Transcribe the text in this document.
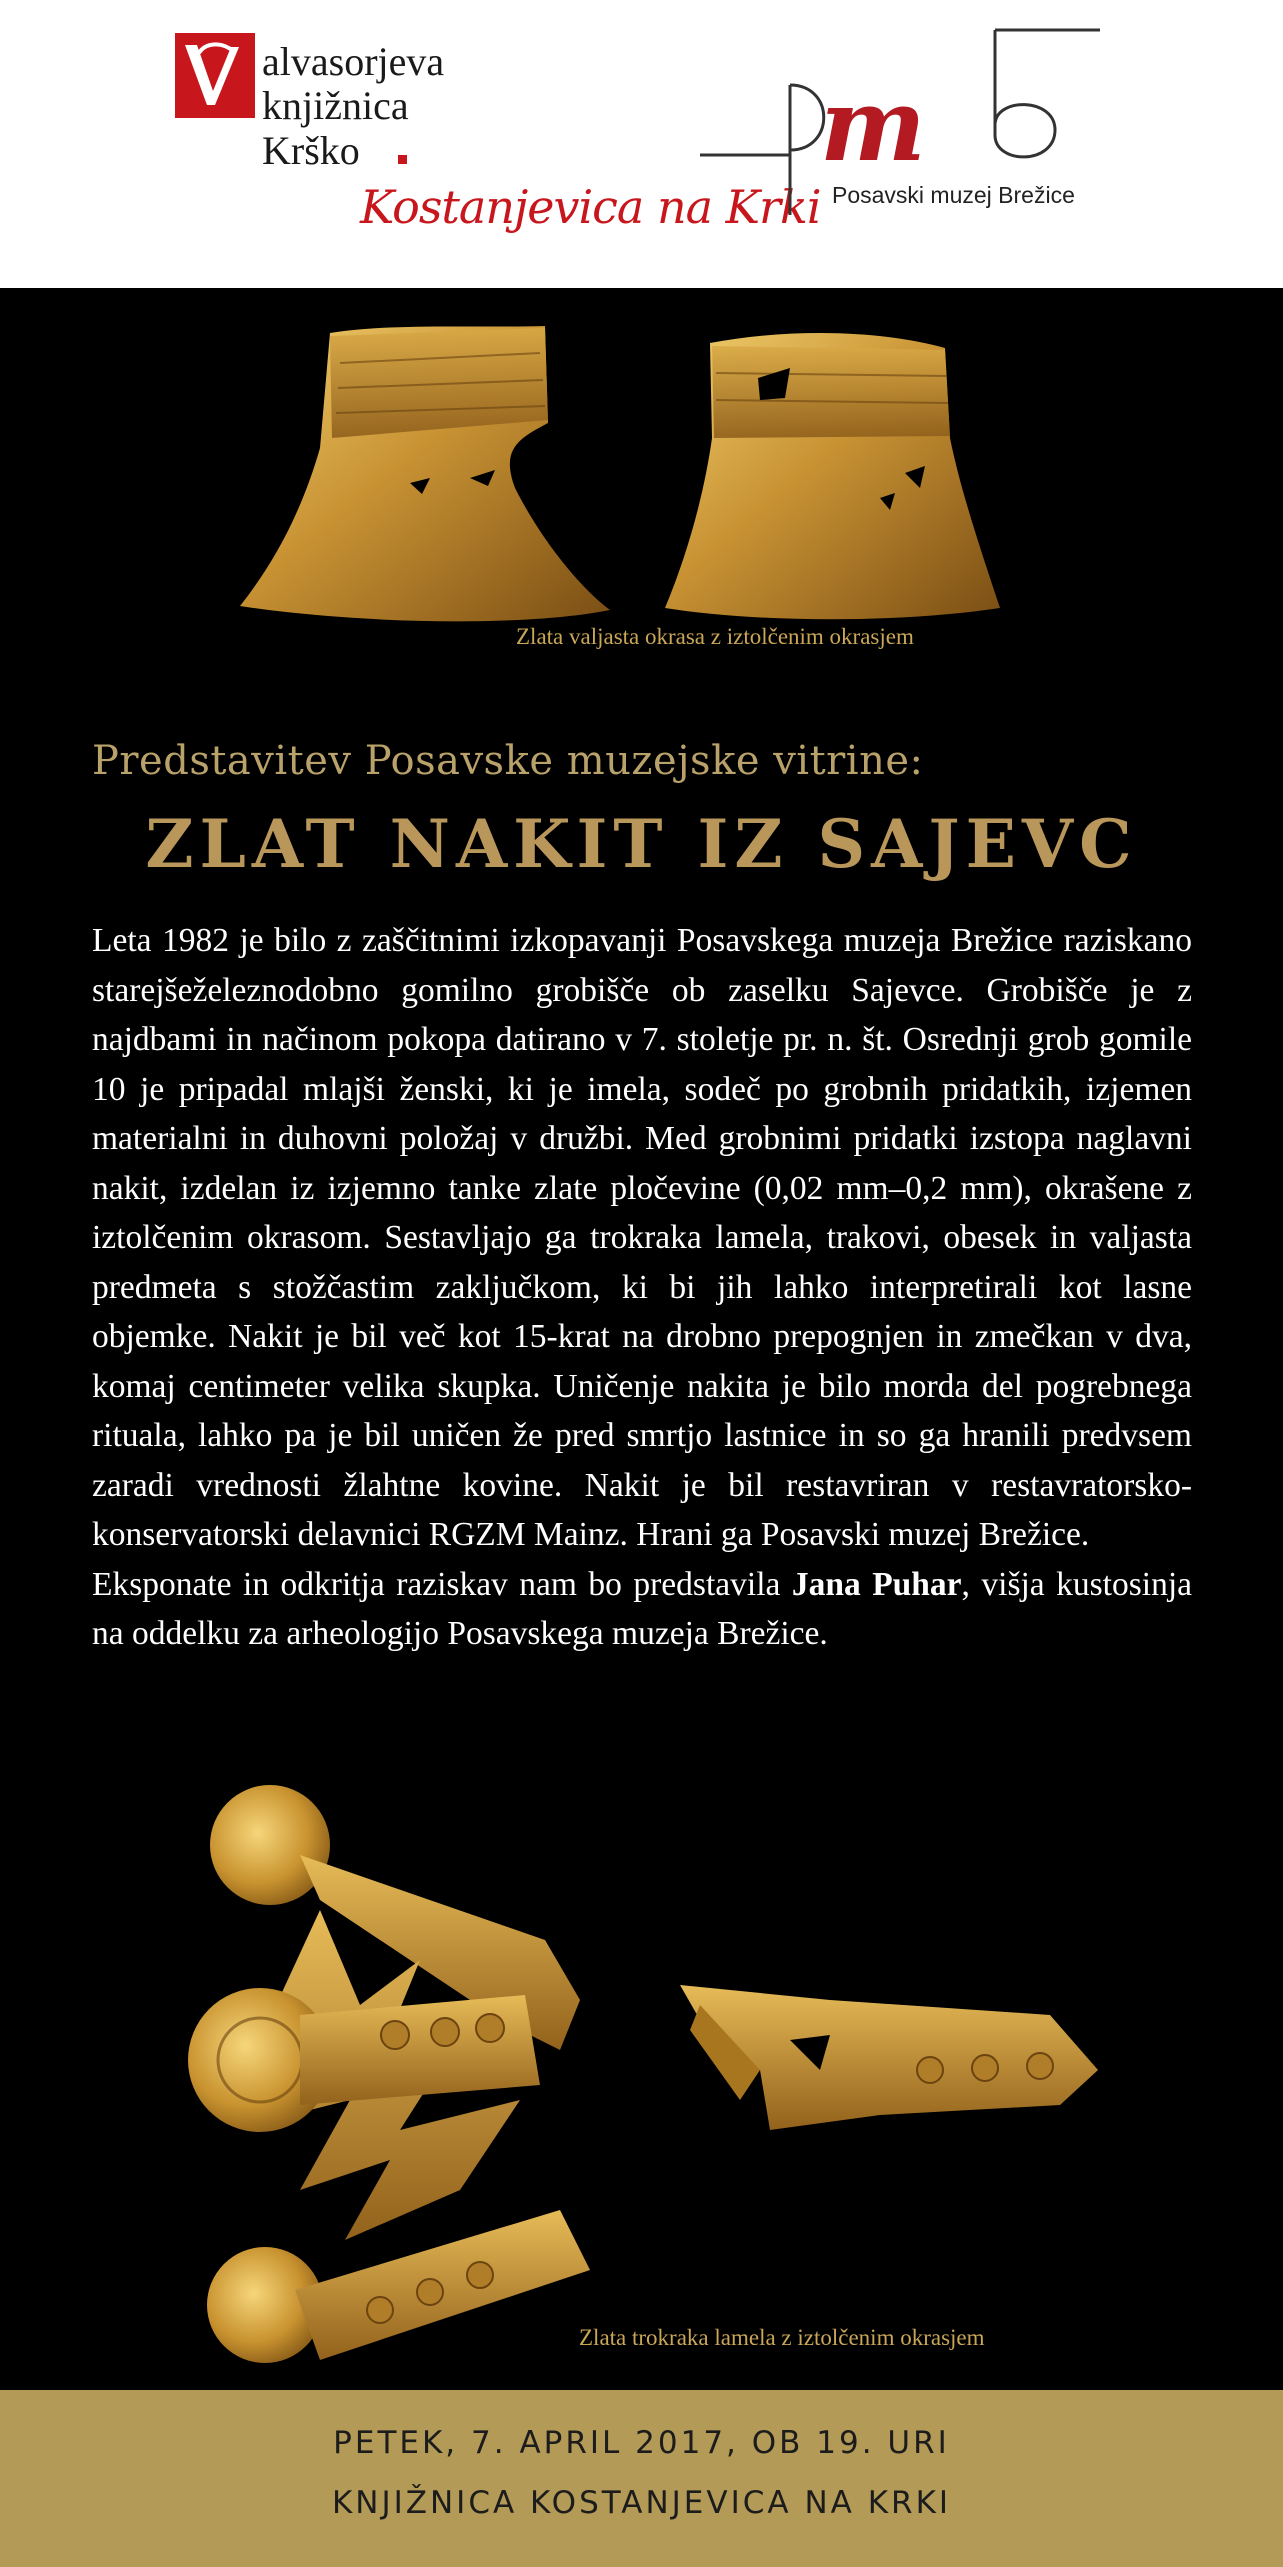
alvasorjeva
knjižnica
Krško
Kostanjevica na Krki
m
Posavski muzej Brežice
Zlata valjasta okrasa z iztolčenim okrasjem
Predstavitev Posavske muzejske vitrine:
ZLAT NAKIT IZ SAJEVC

Leta 1982 je bilo z zaščitnimi izkopavanji Posavskega muzeja Brežice raziskano starejšeželeznodobno gomilno grobišče ob zaselku Sajevce. Grobišče je z najdbami in načinom pokopa datirano v 7. stoletje pr. n. št. Osrednji grob gomile 10 je pripadal mlajši ženski, ki je imela, sodeč po grobnih pridatkih, izjemen materialni in duhovni položaj v družbi. Med grobnimi pridatki izstopa naglavni nakit, izdelan iz izjemno tanke zlate pločevine (0,02 mm–0,2 mm), okrašene z iztolčenim okrasom. Sestavljajo ga trokraka lamela, trakovi, obesek in valjasta predmeta s stožčastim zaključkom, ki bi jih lahko interpretirali kot lasne objemke. Nakit je bil več kot 15-krat na drobno prepognjen in zmečkan v dva, komaj centimeter velika skupka. Uničenje nakita je bilo morda del pogrebnega rituala, lahko pa je bil uničen že pred smrtjo lastnice in so ga hranili predvsem zaradi vrednosti žlahtne kovine. Nakit je bil restavriran v restavratorsko-konservatorski delavnici RGZM Mainz. Hrani ga Posavski muzej Brežice.

Eksponate in odkritja raziskav nam bo predstavila Jana Puhar, višja kustosinja na oddelku za arheologijo Posavskega muzeja Brežice.

Zlata trokraka lamela z iztolčenim okrasjem
PETEK, 7. APRIL 2017, OB 19. URI
KNJIŽNICA KOSTANJEVICA NA KRKI
